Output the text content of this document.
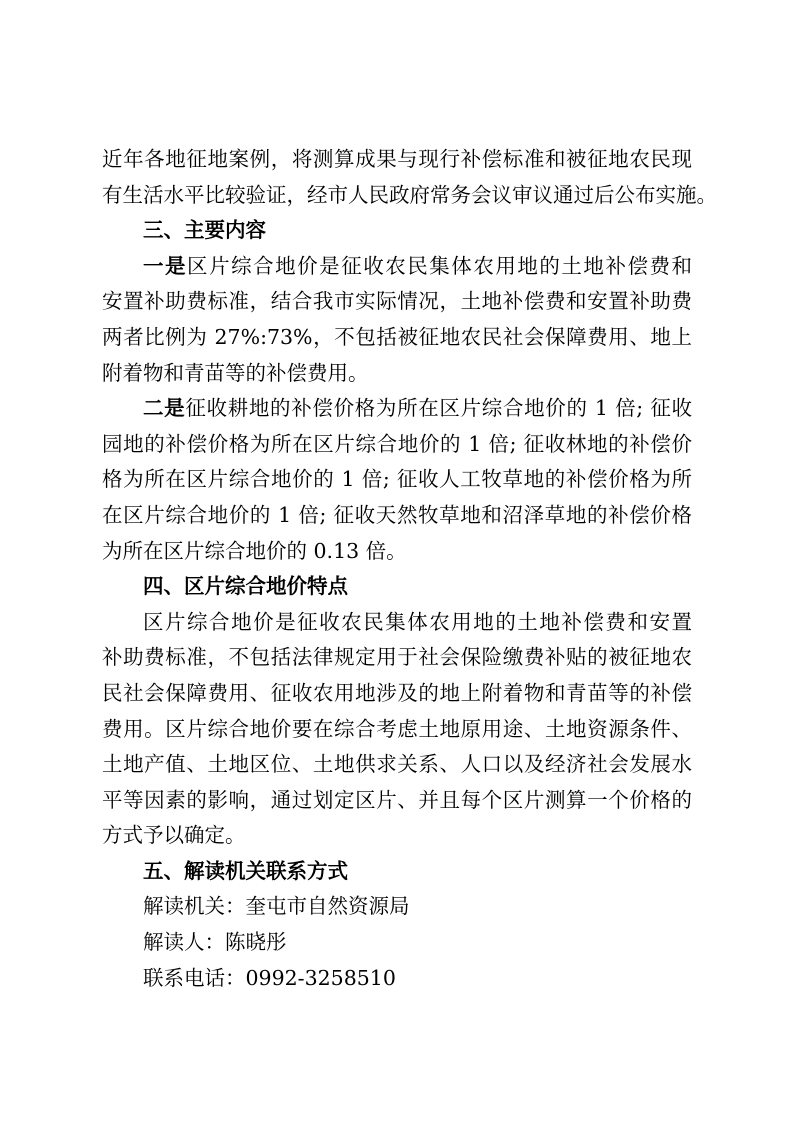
近年各地征地案例，将测算成果与现行补偿标准和被征地农民现
有生活水平比较验证，经市人民政府常务会议审议通过后公布实施。
三、主要内容
一是区片综合地价是征收农民集体农用地的土地补偿费和
安置补助费标准，结合我市实际情况，土地补偿费和安置补助费
两者比例为 27%:73%，不包括被征地农民社会保障费用、地上
附着物和青苗等的补偿费用。
二是征收耕地的补偿价格为所在区片综合地价的 1 倍; 征收
园地的补偿价格为所在区片综合地价的 1 倍; 征收林地的补偿价
格为所在区片综合地价的 1 倍; 征收人工牧草地的补偿价格为所
在区片综合地价的 1 倍; 征收天然牧草地和沼泽草地的补偿价格
为所在区片综合地价的 0.13 倍。
四、区片综合地价特点
区片综合地价是征收农民集体农用地的土地补偿费和安置
补助费标准，不包括法律规定用于社会保险缴费补贴的被征地农
民社会保障费用、征收农用地涉及的地上附着物和青苗等的补偿
费用。区片综合地价要在综合考虑土地原用途、土地资源条件、
土地产值、土地区位、土地供求关系、人口以及经济社会发展水
平等因素的影响，通过划定区片、并且每个区片测算一个价格的
方式予以确定。
五、解读机关联系方式
解读机关：奎屯市自然资源局
解读人：陈晓彤
联系电话：0992-3258510
